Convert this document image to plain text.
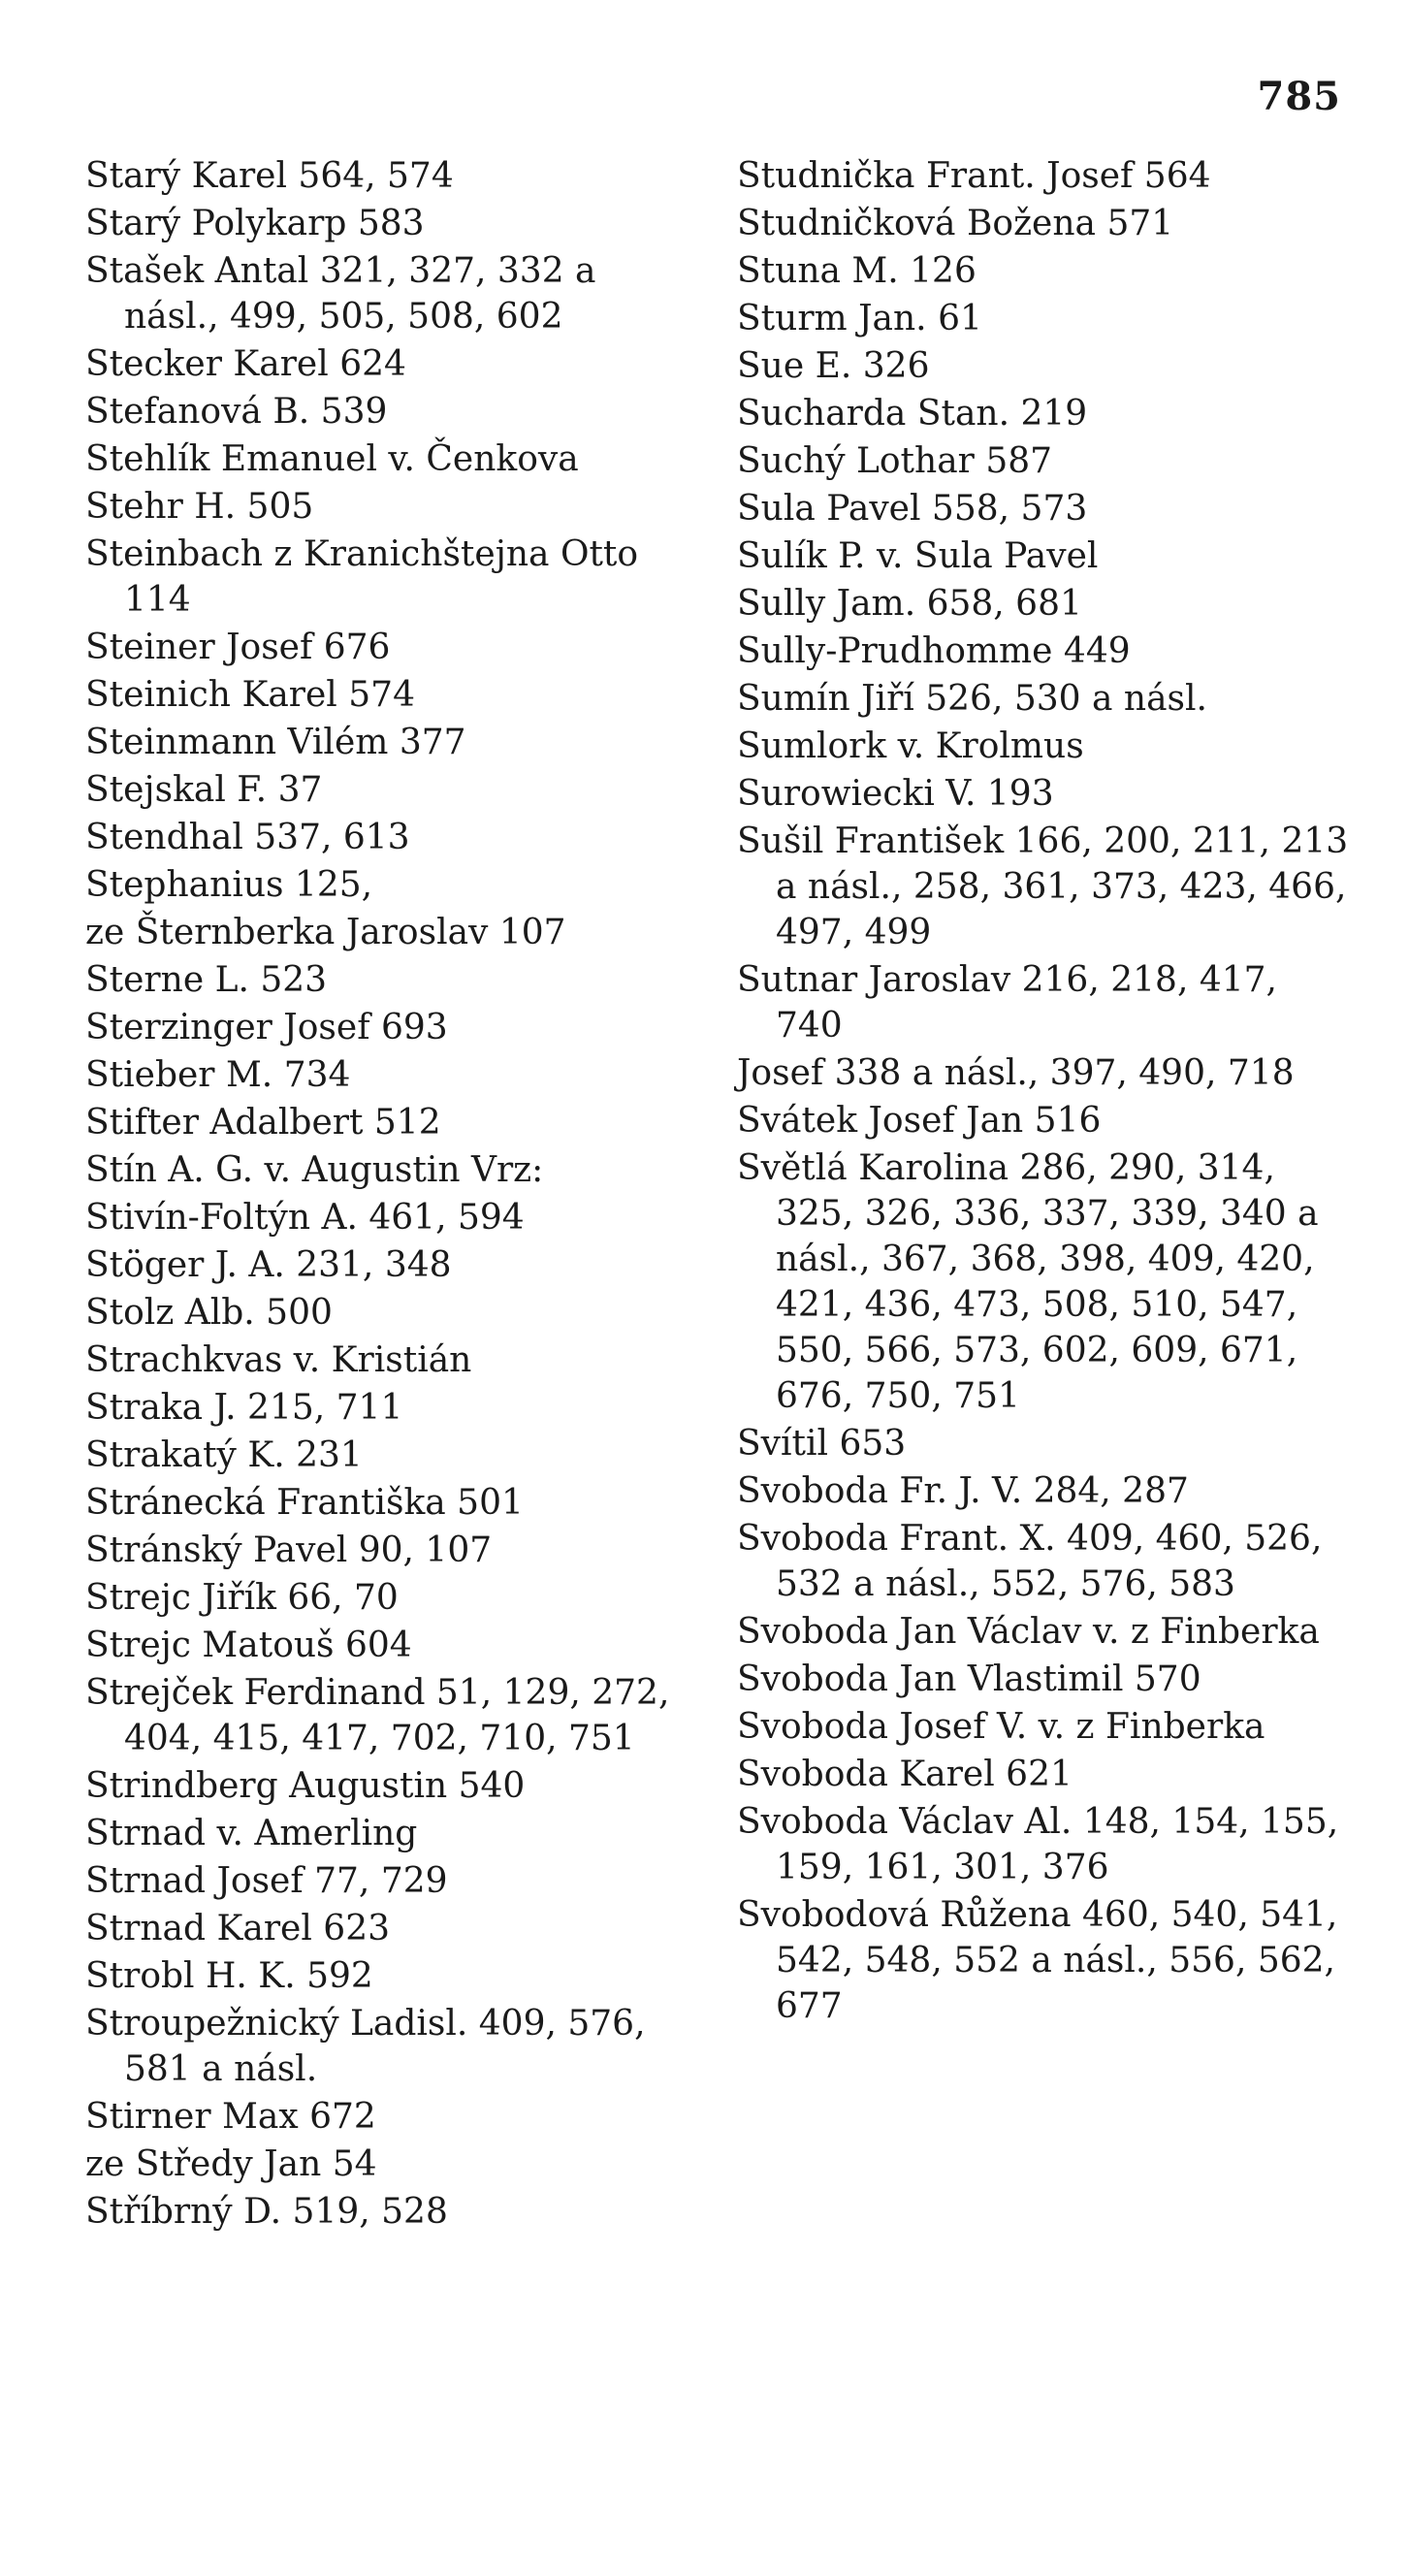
785
Starý Karel 564, 574
Starý Polykarp 583
Stašek Antal 321, 327, 332 a násl., 499, 505, 508, 602
Stecker Karel 624
Stefanová B. 539
Stehlík Emanuel v. Čenkova
Stehr H. 505
Steinbach z Kranichštejna Otto 114
Steiner Josef 676
Steinich Karel 574
Steinmann Vilém 377
Stejskal F. 37
Stendhal 537, 613
Stephanius 125,
ze Šternberka Jaroslav 107
Sterne L. 523
Sterzinger Josef 693
Stieber M. 734
Stifter Adalbert 512
Stín A. G. v. Augustin Vrz:
Stivín-Foltýn A. 461, 594
Stöger J. A. 231, 348
Stolz Alb. 500
Strachkvas v. Kristián
Straka J. 215, 711
Strakatý K. 231
Stránecká Františka 501
Stránský Pavel 90, 107
Strejc Jiřík 66, 70
Strejc Matouš 604
Strejček Ferdinand 51, 129, 272, 404, 415, 417, 702, 710, 751
Strindberg Augustin 540
Strnad v. Amerling
Strnad Josef 77, 729
Strnad Karel 623
Strobl H. K. 592
Stroupežnický Ladisl. 409, 576, 581 a násl.
Stirner Max 672
ze Středy Jan 54
Stříbrný D. 519, 528
Studnička Frant. Josef 564
Studničková Božena 571
Stuna M. 126
Sturm Jan. 61
Sue E. 326
Sucharda Stan. 219
Suchý Lothar 587
Sula Pavel 558, 573
Sulík P. v. Sula Pavel
Sully Jam. 658, 681
Sully-Prudhomme 449
Sumín Jiří 526, 530 a násl.
Sumlork v. Krolmus
Surowiecki V. 193
Sušil František 166, 200, 211, 213 a násl., 258, 361, 373, 423, 466, 497, 499
Sutnar Jaroslav 216, 218, 417, 740
Josef 338 a násl., 397, 490, 718
Svátek Josef Jan 516
Světlá Karolina 286, 290, 314, 325, 326, 336, 337, 339, 340 a násl., 367, 368, 398, 409, 420, 421, 436, 473, 508, 510, 547, 550, 566, 573, 602, 609, 671, 676, 750, 751
Svítil 653
Svoboda Fr. J. V. 284, 287
Svoboda Frant. X. 409, 460, 526, 532 a násl., 552, 576, 583
Svoboda Jan Václav v. z Finberka
Svoboda Jan Vlastimil 570
Svoboda Josef V. v. z Finberka
Svoboda Karel 621
Svoboda Václav Al. 148, 154, 155, 159, 161, 301, 376
Svobodová Růžena 460, 540, 541, 542, 548, 552 a násl., 556, 562, 677
